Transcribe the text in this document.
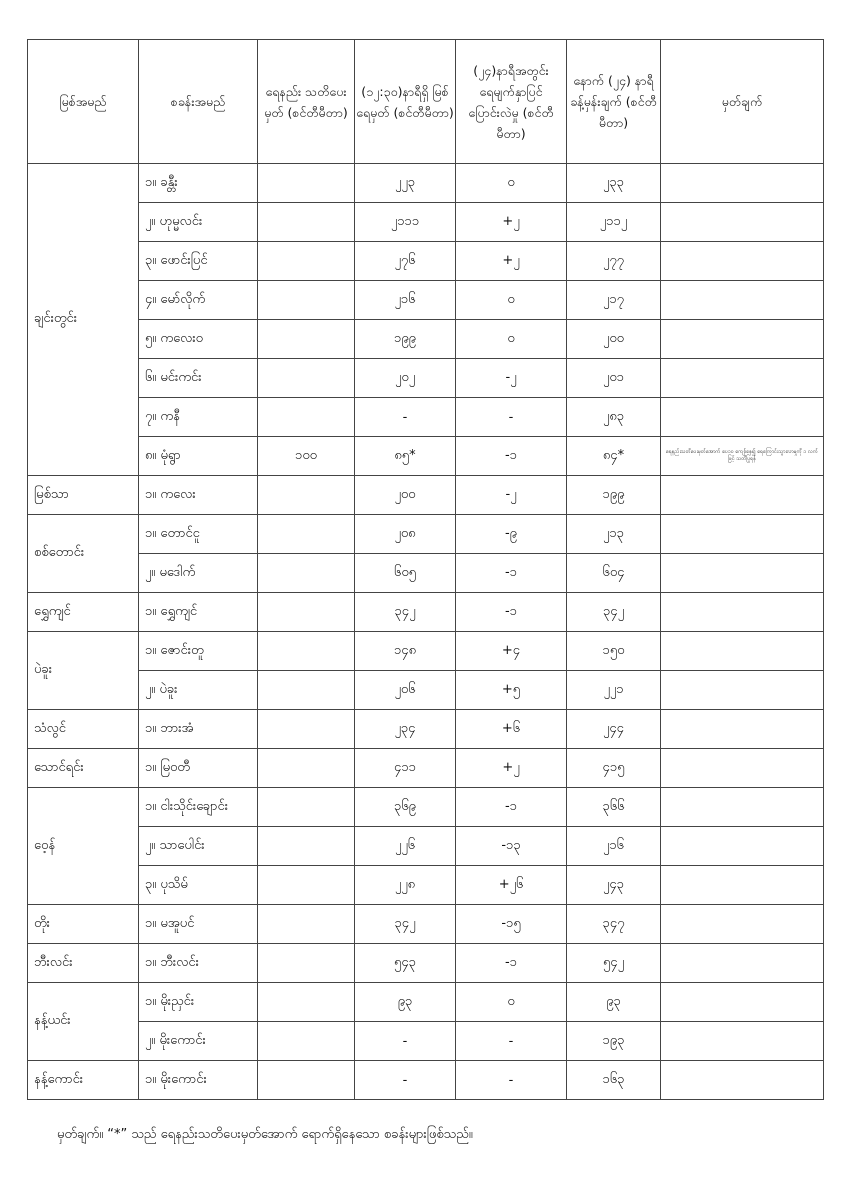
မြစ်အမည်	စခန်းအမည်	ရေနည်း သတိပေးမှတ် (စင်တီမီတာ)	(၁၂:၃၀)နာရီရှိ မြစ်ရေမှတ် (စင်တီမီတာ)	(၂၄)နာရီအတွင်း ရေမျက်နှာပြင် ပြောင်းလဲမှု (စင်တီမီတာ)	နောက် (၂၄) နာရီ ခန့်မှန်းချက် (စင်တီမီတာ)	မှတ်ချက်
ချင်းတွင်း	၁။ ခန္တီး		၂၂၃	၀	၂၃၃	
	၂။ ဟုမ္မလင်း		၂၁၁၁	+၂	၂၁၁၂	
	၃။ ဖောင်းပြင်		၂၇၆	+၂	၂၇၇	
	၄။ မော်လိုက်		၂၁၆	၀	၂၁၇	
	၅။ ကလေးဝ		၁၉၉	၀	၂၀၀	
	၆။ မင်းကင်း		၂၀၂	-၂	၂၀၁	
	၇။ ကနီ		-	-	၂၈၃	
	၈။ မုံရွာ	၁၀၀	၈၅*	-၁	၈၄*	ရေနည်းသတိပေးမှတ်အောက် ပေ၁၀ ကျော်နေ၍ ရေကြောင်းသွားလာမှုကို ၁ လက်ဖြင့် သတိပြုရန်
မြစ်သာ	၁။ ကလေး		၂၀၀	-၂	၁၉၉	
စစ်တောင်း	၁။ တောင်ငူ		၂၀၈	-၉	၂၁၃	
	၂။ မဒေါက်		၆၀၅	-၁	၆၀၄	
ရွှေကျင်	၁။ ရွှေကျင်		၃၄၂	-၁	၃၄၂	
ပဲခူး	၁။ ဇောင်းတူ		၁၄၈	+၄	၁၅၀	
	၂။ ပဲခူး		၂၀၆	+၅	၂၂၁	
သံလွင်	၁။ ဘားအံ		၂၃၄	+၆	၂၄၄	
သောင်ရင်း	၁။ မြဝတီ		၄၁၁	+၂	၄၁၅	
ဝေ့န်	၁။ ငါးသိုင်းချောင်း		၃၆၉	-၁	၃၆၆	
	၂။ သာပေါင်း		၂၂၆	-၁၃	၂၁၆	
	၃။ ပုသိမ်		၂၂၈	+၂၆	၂၄၃	
တိုး	၁။ မအူပင်		၃၄၂	-၁၅	၃၄၇	
ဘီးလင်း	၁။ ဘီးလင်း		၅၄၃	-၁	၅၄၂	
နန့်ယင်း	၁။ မိုးညှင်း		၉၃	၀	၉၃	
	၂။ မိုးကောင်း		-	-	၁၉၃	
နန့်ကောင်း	၁။ မိုးကောင်း		-	-	၁၆၃	
မှတ်ချက်။ “*” သည် ရေနည်းသတိပေးမှတ်အောက် ရောက်ရှိနေသော စခန်းများဖြစ်သည်။
